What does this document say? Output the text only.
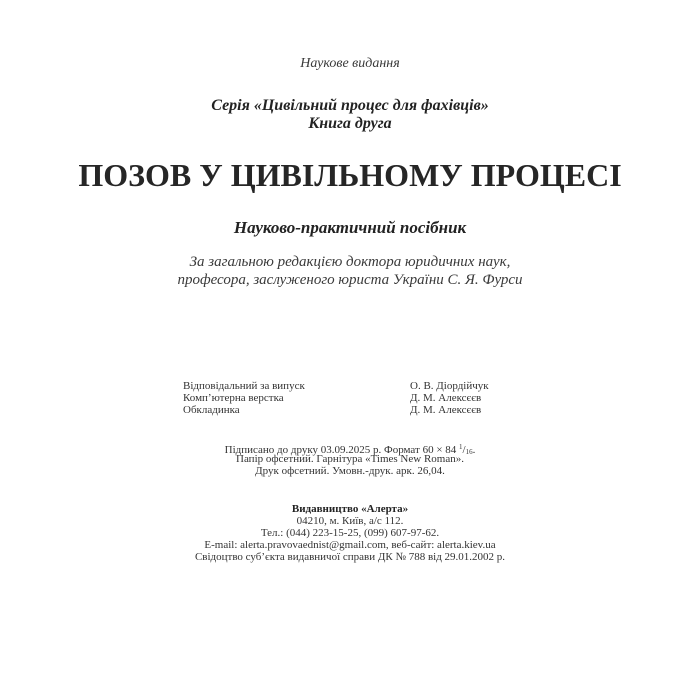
Наукове видання
Серія «Цивільний процес для фахівців»
Книга друга
ПОЗОВ У ЦИВІЛЬНОМУ ПРОЦЕСІ
Науково-практичний посібник
За загальною редакцією доктора юридичних наук,
професора, заслуженого юриста України С. Я. Фурси
Відповідальний за випуск	О. В. Діордійчук
Комп’ютерна верстка	Д. М. Алексєєв
Обкладинка	Д. М. Алексєєв
Підписано до друку 03.09.2025 р. Формат 60 × 84 $^1$/16.
Папір офсетний. Гарнітура «Times New Roman».
Друк офсетний. Умовн.-друк. арк. 26,04.
Видавництво «Алерта»
04210, м. Київ, а/с 112.
Тел.: (044) 223-15-25, (099) 607-97-62.
E-mail: alerta.pravovaednist@gmail.com, веб-сайт: alerta.kiev.ua
Свідоцтво суб’єкта видавничої справи ДК № 788 від 29.01.2002 р.
